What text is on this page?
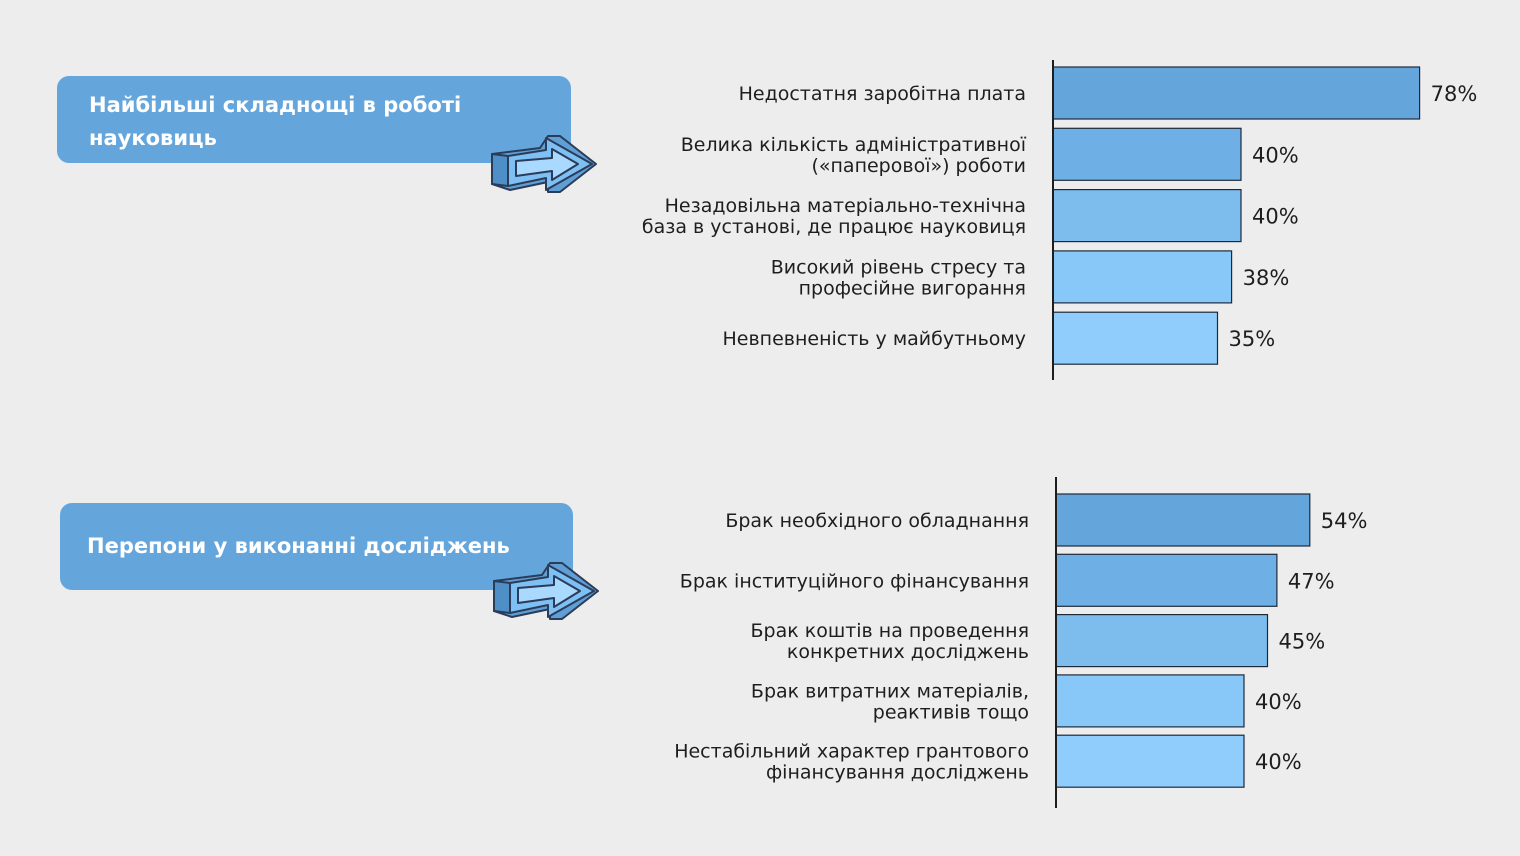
Найбільші складнощі в роботі науковиць
Перепони у виконанні досліджень
78%
Недостатня заробітна плата
40%
Велика кількість адміністративної («паперової») роботи
40%
Незадовільна матеріально-технічна база в установі, де працює науковиця
38%
Високий рівень стресу та професійне вигорання
35%
Невпевненість у майбутньому
54%
Брак необхідного обладнання
47%
Брак інституційного фінансування
45%
Брак коштів на проведення конкретних досліджень
40%
Брак витратних матеріалів, реактивів тощо
40%
Нестабільний характер грантового фінансування досліджень
